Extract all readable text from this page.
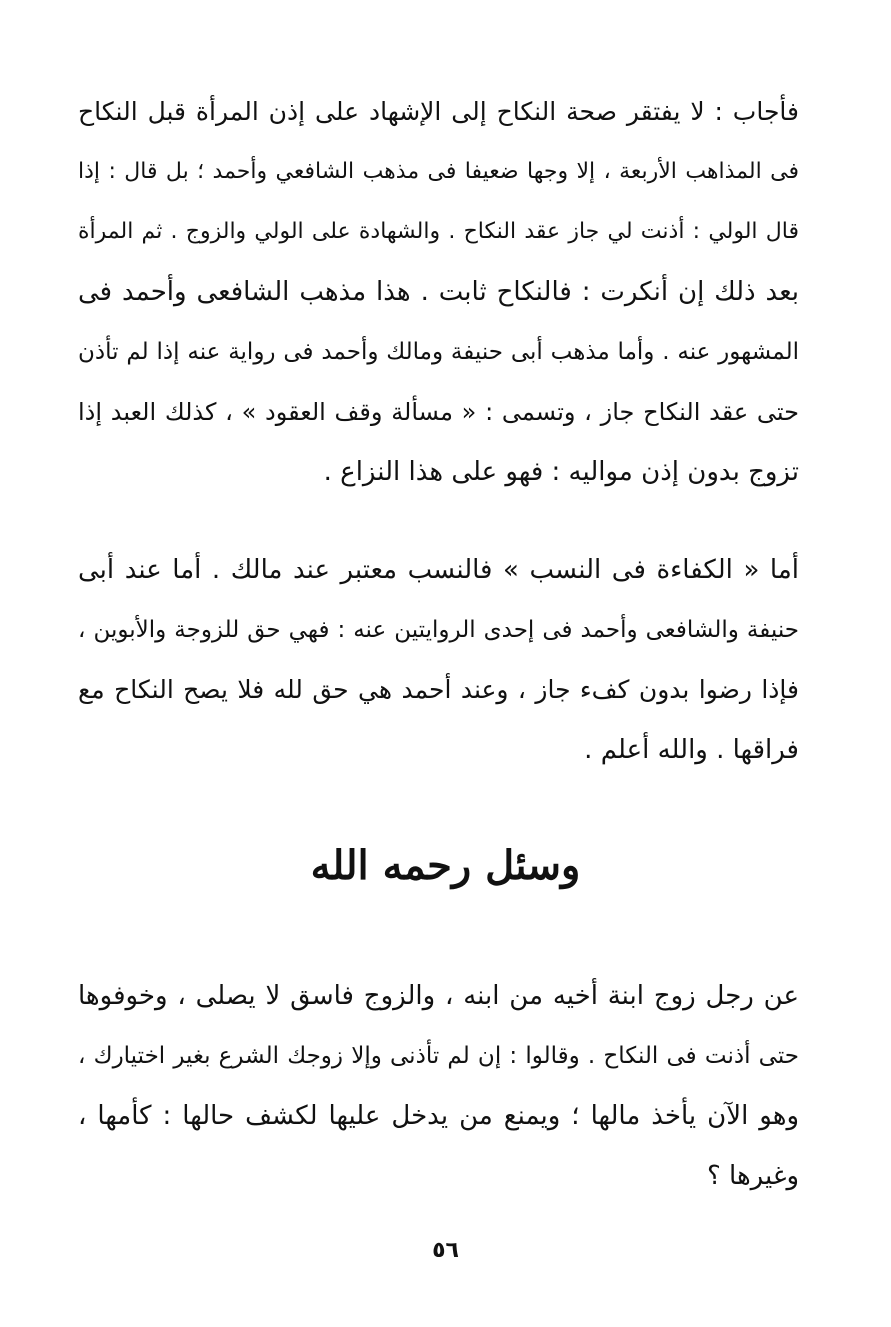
فأجاب : لا يفتقر صحة النكاح إلى الإشهاد على إذن المرأة قبل النكاح
فى المذاهب الأربعة ، إلا وجها ضعيفا فى مذهب الشافعي وأحمد ؛ بل قال : إذا
قال الولي : أذنت لي جاز عقد النكاح . والشهادة على الولي والزوج . ثم المرأة
بعد ذلك إن أنكرت : فالنكاح ثابت . هذا مذهب الشافعى وأحمد فى
المشهور عنه . وأما مذهب أبى حنيفة ومالك وأحمد فى رواية عنه إذا لم تأذن
حتى عقد النكاح جاز ، وتسمى : « مسألة وقف العقود » ، كذلك العبد إذا
تزوج بدون إذن مواليه : فهو على هذا النزاع .
أما « الكفاءة فى النسب » فالنسب معتبر عند مالك . أما عند أبى
حنيفة والشافعى وأحمد فى إحدى الروايتين عنه : فهي حق للزوجة والأبوين ،
فإذا رضوا بدون كفء جاز ، وعند أحمد هي حق لله فلا يصح النكاح مع
فراقها . والله أعلم .
وسئل رحمه الله
عن رجل زوج ابنة أخيه من ابنه ، والزوج فاسق لا يصلى ، وخوفوها
حتى أذنت فى النكاح . وقالوا : إن لم تأذنى وإلا زوجك الشرع بغير اختيارك ،
وهو الآن يأخذ مالها ؛ ويمنع من يدخل عليها لكشف حالها : كأمها ،
وغيرها ؟
٥٦
